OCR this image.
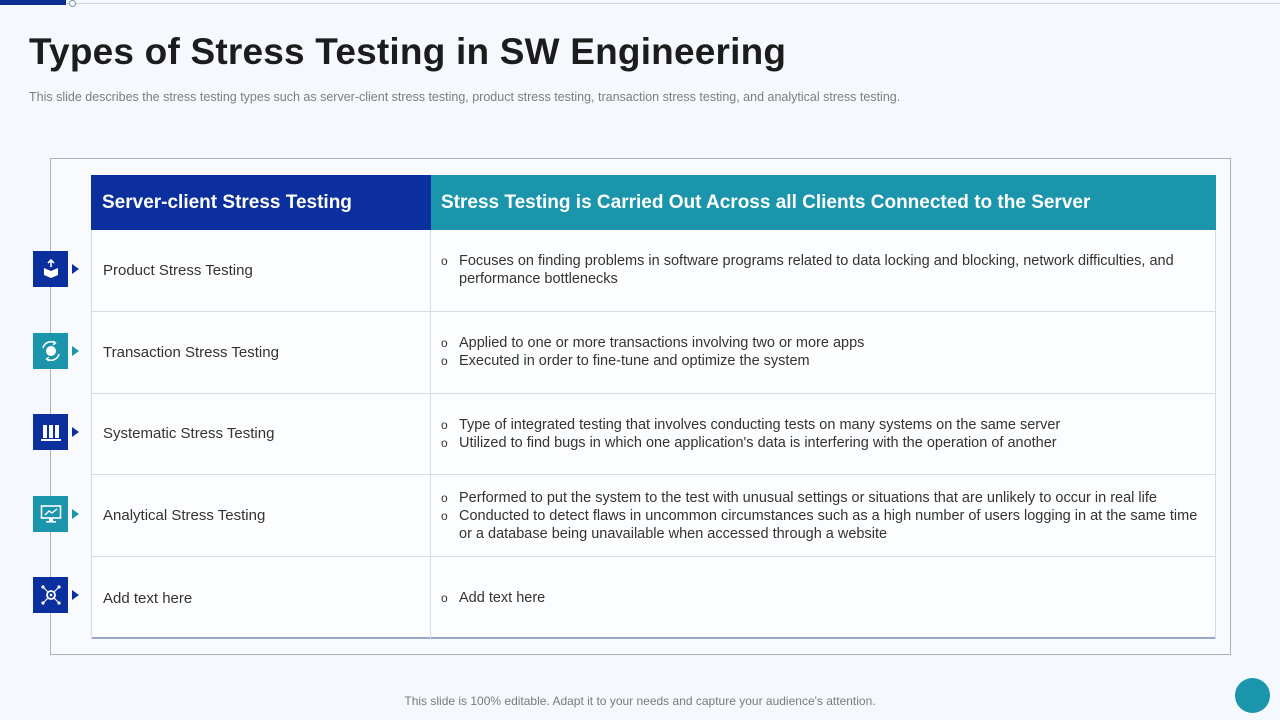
Types of Stress Testing in SW Engineering

This slide describes the stress testing types such as server-client stress testing, product stress testing, transaction stress testing, and analytical stress testing.

Server-client Stress Testing	Stress Testing is Carried Out Across all Clients Connected to the Server
Product Stress Testing
o Focuses on finding problems in software programs related to data locking and blocking, network difficulties, and performance bottlenecks
Transaction Stress Testing
o Applied to one or more transactions involving two or more apps
o Executed in order to fine-tune and optimize the system
Systematic Stress Testing
o Type of integrated testing that involves conducting tests on many systems on the same server
o Utilized to find bugs in which one application's data is interfering with the operation of another
Analytical Stress Testing
o Performed to put the system to the test with unusual settings or situations that are unlikely to occur in real life
o Conducted to detect flaws in uncommon circumstances such as a high number of users logging in at the same time or a database being unavailable when accessed through a website
Add text here	o Add text here
This slide is 100% editable. Adapt it to your needs and capture your audience's attention.
